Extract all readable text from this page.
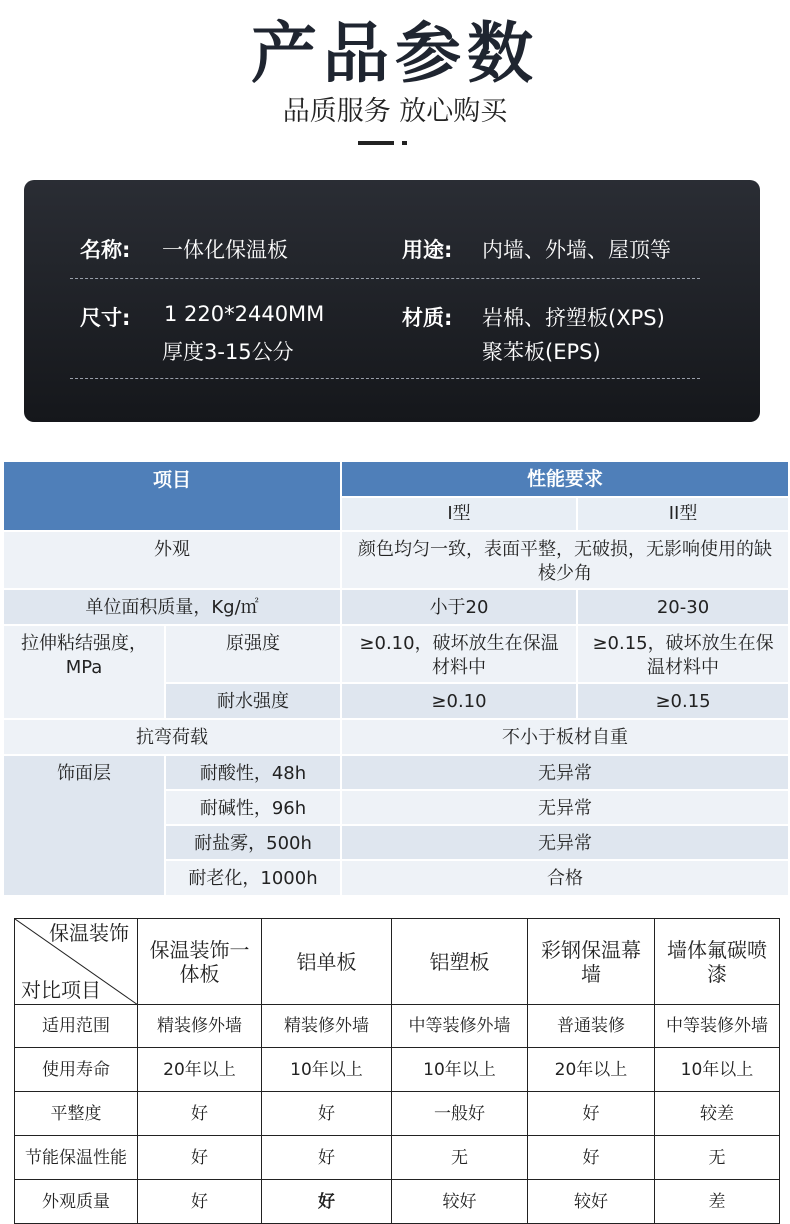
产品参数
品质服务 放心购买
名称: 一体化保温板	用途: 内墙、外墙、屋顶等
尺寸: 1 220*2440MM
厚度3-15公分
材质: 岩棉、挤塑板(XPS)
聚苯板(EPS)
项目		性能要求	
		I型	II型
外观		颜色均匀一致，表面平整，无破损，无影响使用的缺棱少角	
单位面积质量，Kg/㎡		小于20	20-30
拉伸粘结强度，MPa	原强度	≥0.10，破坏放生在保温材料中	≥0.15，破坏放生在保温材料中
	耐水强度	≥0.10	≥0.15
抗弯荷载		不小于板材自重	
饰面层	耐酸性，48h	无异常	
	耐碱性，96h	无异常	
	耐盐雾，500h	无异常	
	耐老化，1000h	合格	
保温装饰
对比项目	保温装饰一体板	铝单板	铝塑板	彩钢保温幕墙	墙体氟碳喷漆
适用范围	精装修外墙	精装修外墙	中等装修外墙	普通装修	中等装修外墙
使用寿命	20年以上	10年以上	10年以上	20年以上	10年以上
平整度	好	好	一般好	好	较差
节能保温性能	好	好	无	好	无
外观质量	好	好	较好	较好	差
